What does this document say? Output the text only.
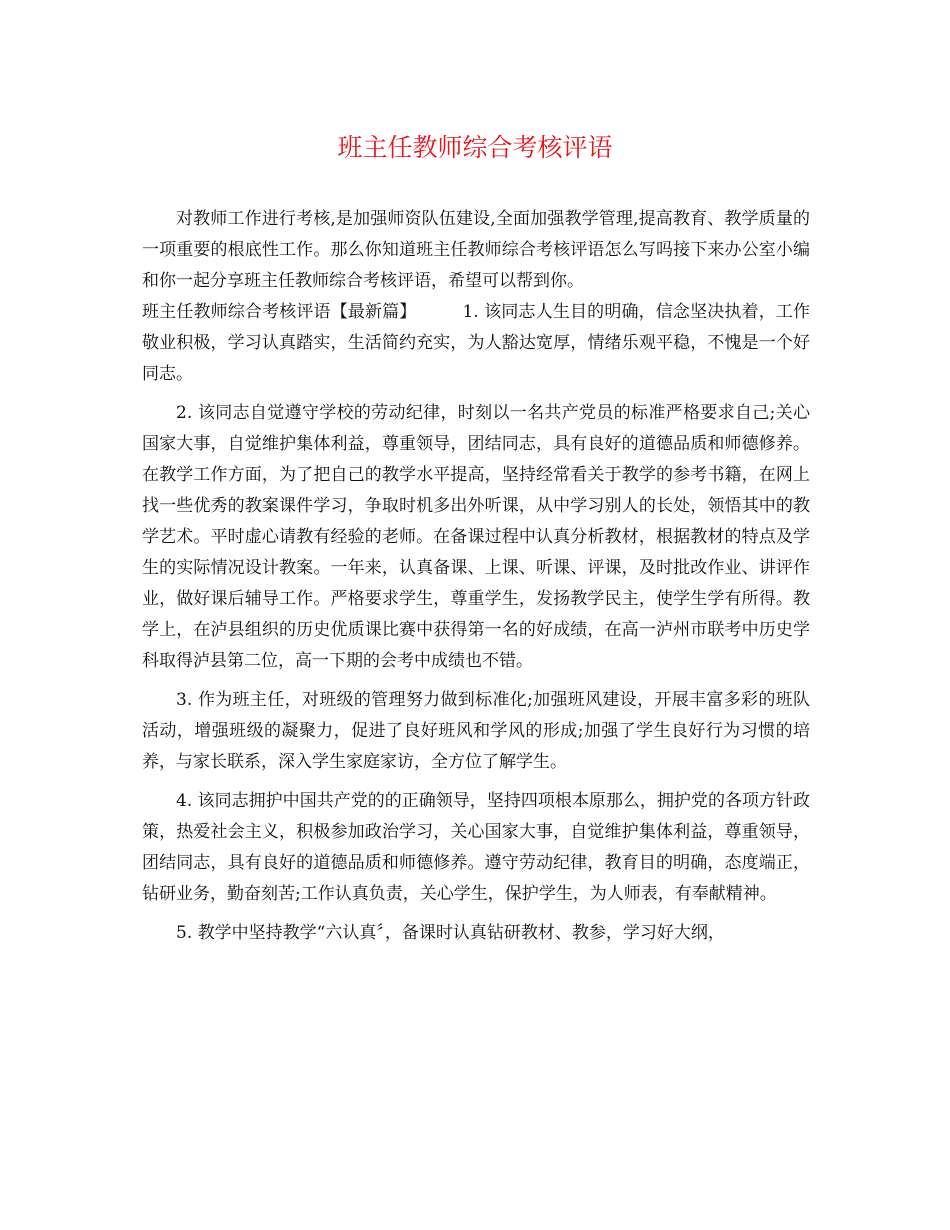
班主任教师综合考核评语

对教师工作进行考核,是加强师资队伍建设,全面加强教学管理,提高教育、教学质量的一项重要的根底性工作。那么你知道班主任教师综合考核评语怎么写吗接下来办公室小编和你一起分享班主任教师综合考核评语，希望可以帮到你。

班主任教师综合考核评语【最新篇】	1. 该同志人生目的明确，信念坚决执着，工作敬业积极，学习认真踏实，生活简约充实，为人豁达宽厚，情绪乐观平稳，不愧是一个好同志。

2. 该同志自觉遵守学校的劳动纪律，时刻以一名共产党员的标准严格要求自己;关心国家大事，自觉维护集体利益，尊重领导，团结同志，具有良好的道德品质和师德修养。在教学工作方面，为了把自己的教学水平提高，坚持经常看关于教学的参考书籍，在网上找一些优秀的教案课件学习，争取时机多出外听课，从中学习别人的长处，领悟其中的教学艺术。平时虚心请教有经验的老师。在备课过程中认真分析教材，根据教材的特点及学生的实际情况设计教案。一年来，认真备课、上课、听课、评课，及时批改作业、讲评作业，做好课后辅导工作。严格要求学生，尊重学生，发扬教学民主，使学生学有所得。教学上，在泸县组织的历史优质课比赛中获得第一名的好成绩，在高一泸州市联考中历史学科取得泸县第二位，高一下期的会考中成绩也不错。

3. 作为班主任，对班级的管理努力做到标准化;加强班风建设，开展丰富多彩的班队活动，增强班级的凝聚力，促进了良好班风和学风的形成;加强了学生良好行为习惯的培养，与家长联系，深入学生家庭家访，全方位了解学生。

4. 该同志拥护中国共产党的的正确领导，坚持四项根本原那么，拥护党的各项方针政策，热爱社会主义，积极参加政治学习，关心国家大事，自觉维护集体利益，尊重领导，团结同志，具有良好的道德品质和师德修养。遵守劳动纪律，教育目的明确，态度端正，钻研业务，勤奋刻苦;工作认真负责，关心学生，保护学生，为人师表，有奉献精神。

5. 教学中坚持教学“六认真〞，备课时认真钻研教材、教参，学习好大纲，
